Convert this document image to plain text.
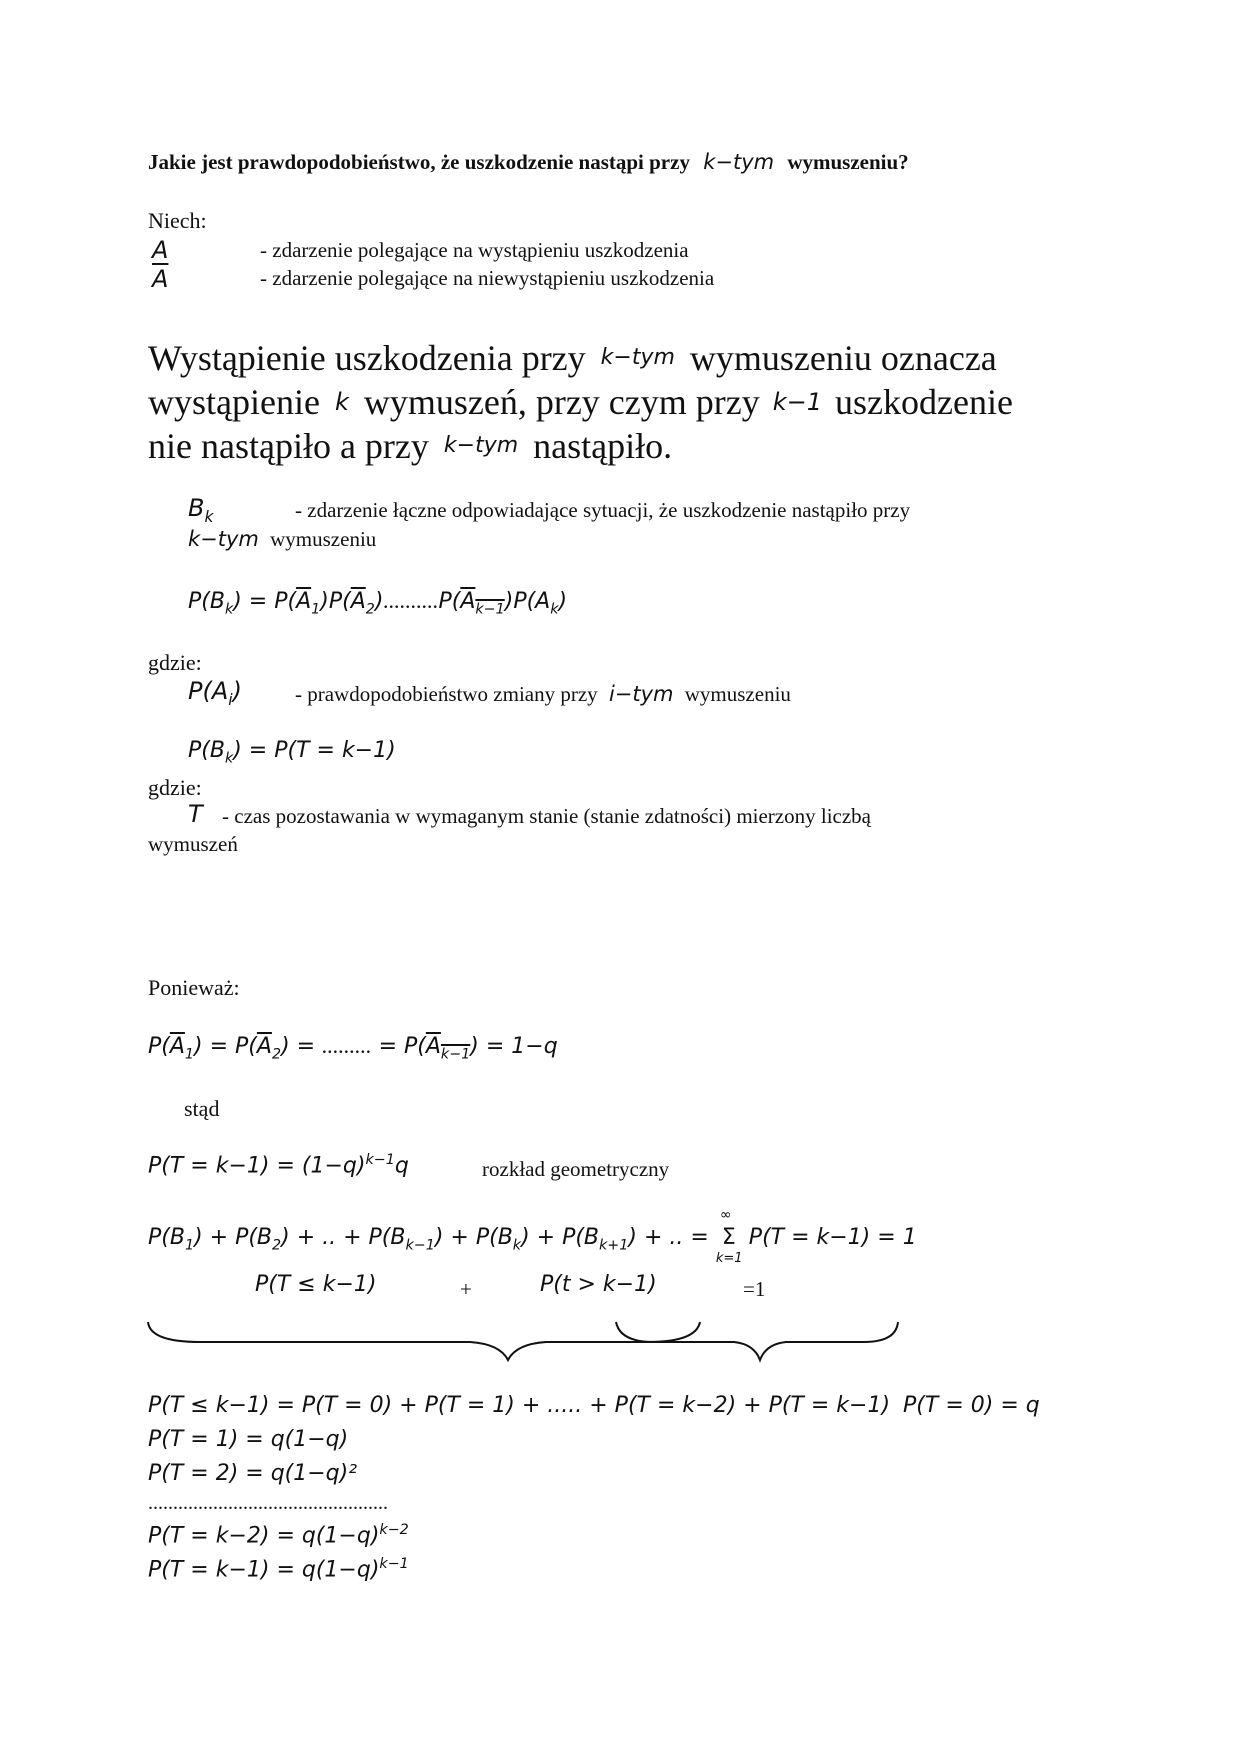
Jakie jest prawdopodobieństwo, że uszkodzenie nastąpi przy k−tym wymuszeniu?
Niech:
A	- zdarzenie polegające na wystąpieniu uszkodzenia
$\overline{A}$	- zdarzenie polegające na niewystąpieniu uszkodzenia
Wystąpienie uszkodzenia przy k−tym wymuszeniu oznacza
wystąpienie k wymuszeń, przy czym przy k−1 uszkodzenie
nie nastąpiło a przy k−tym nastąpiło.
$B_k$	- zdarzenie łączne odpowiadające sytuacji, że uszkodzenie nastąpiło przy
k−tym wymuszeniu
$P(B_k) = P(\overline{A}_1)P(\overline{A}_2)..........P(A_{k-1})P(A_k)$
gdzie:
$P(A_i)$	- prawdopodobieństwo zmiany przy i−tym wymuszeniu
$P(B_k) = P(T = k-1)$
gdzie:
T - czas pozostawania w wymaganym stanie (stanie zdatności) mierzony liczbą
wymuszeń
Ponieważ:
$P(\overline{A}_1) = P(\overline{A}_2)$ = ......... = $P(A_{k-1}) = 1-q$
stąd
$P(T = k-1) = (1-q)^{k-1}q$	rozkład geometryczny
$P(B_1) + P(B_2)$ + .. + $P(B_{k-1}) + P(B_k) + P(B_{k+1})$ + .. =
∞
Σ
k=1
P(T = k−1) = 1
P(T ≤ k−1)	+	P(t > k−1)	=1
P(T ≤ k−1) = P(T = 0) + P(T = 1) + ..... + P(T = k−2) + P(T = k−1) P(T = 0) = q
P(T = 1) = q(1−q)
P(T = 2) = q(1−q)²
................................................
$P(T = k-2) = q(1-q)^{k-2}$
$P(T = k-1) = q(1-q)^{k-1}$
